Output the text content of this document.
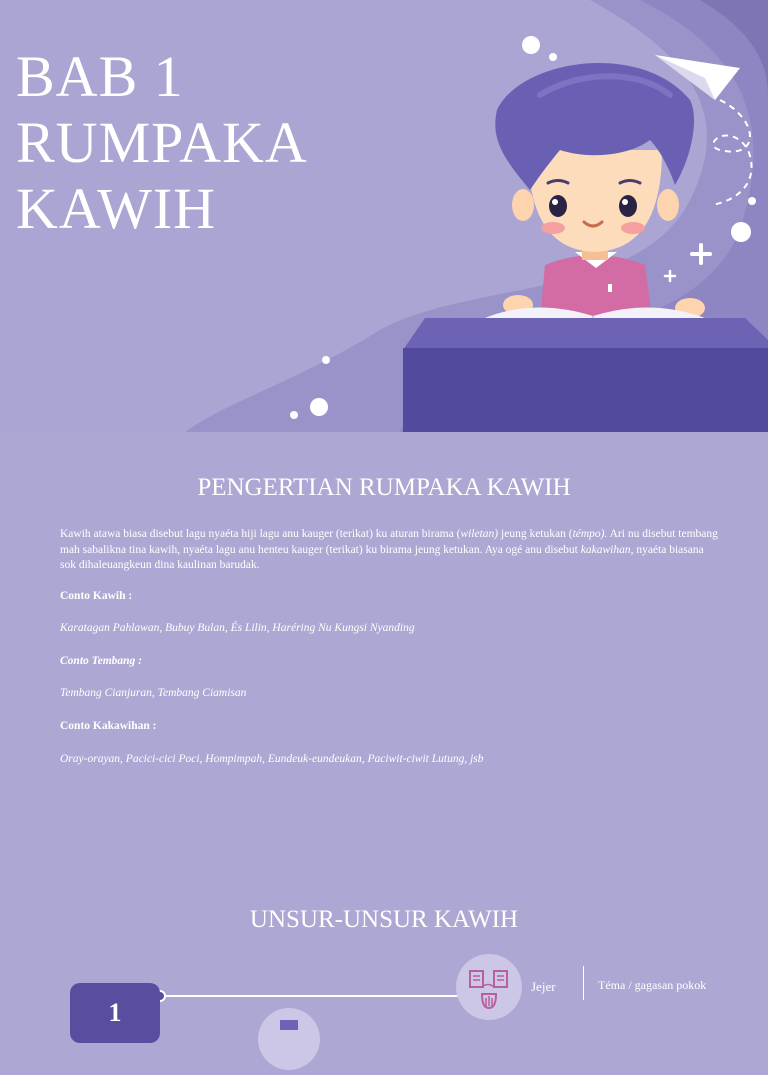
BAB 1
RUMPAKA
KAWIH
PENGERTIAN RUMPAKA KAWIH

Kawih atawa biasa disebut lagu nyaéta hiji lagu anu kauger (terikat) ku aturan birama (wiletan) jeung ketukan (témpo). Ari nu disebut tembang mah sabalikna tina kawih, nyaéta lagu anu henteu kauger (terikat) ku birama jeung ketukan. Aya ogé anu disebut kakawihan, nyaéta biasana sok dihaleuangkeun dina kaulinan barudak.

Conto Kawih :
Karatagan Pahlawan, Bubuy Bulan, És Lilin, Haréring Nu Kungsi Nyanding
Conto Tembang :
Tembang Cianjuran, Tembang Ciamisan
Conto Kakawihan :
Oray-orayan, Pacici-cici Poci, Hompimpah, Eundeuk-eundeukan, Paciwit-ciwit Lutung, jsb
UNSUR-UNSUR KAWIH
1
Jejer	Téma / gagasan pokok
